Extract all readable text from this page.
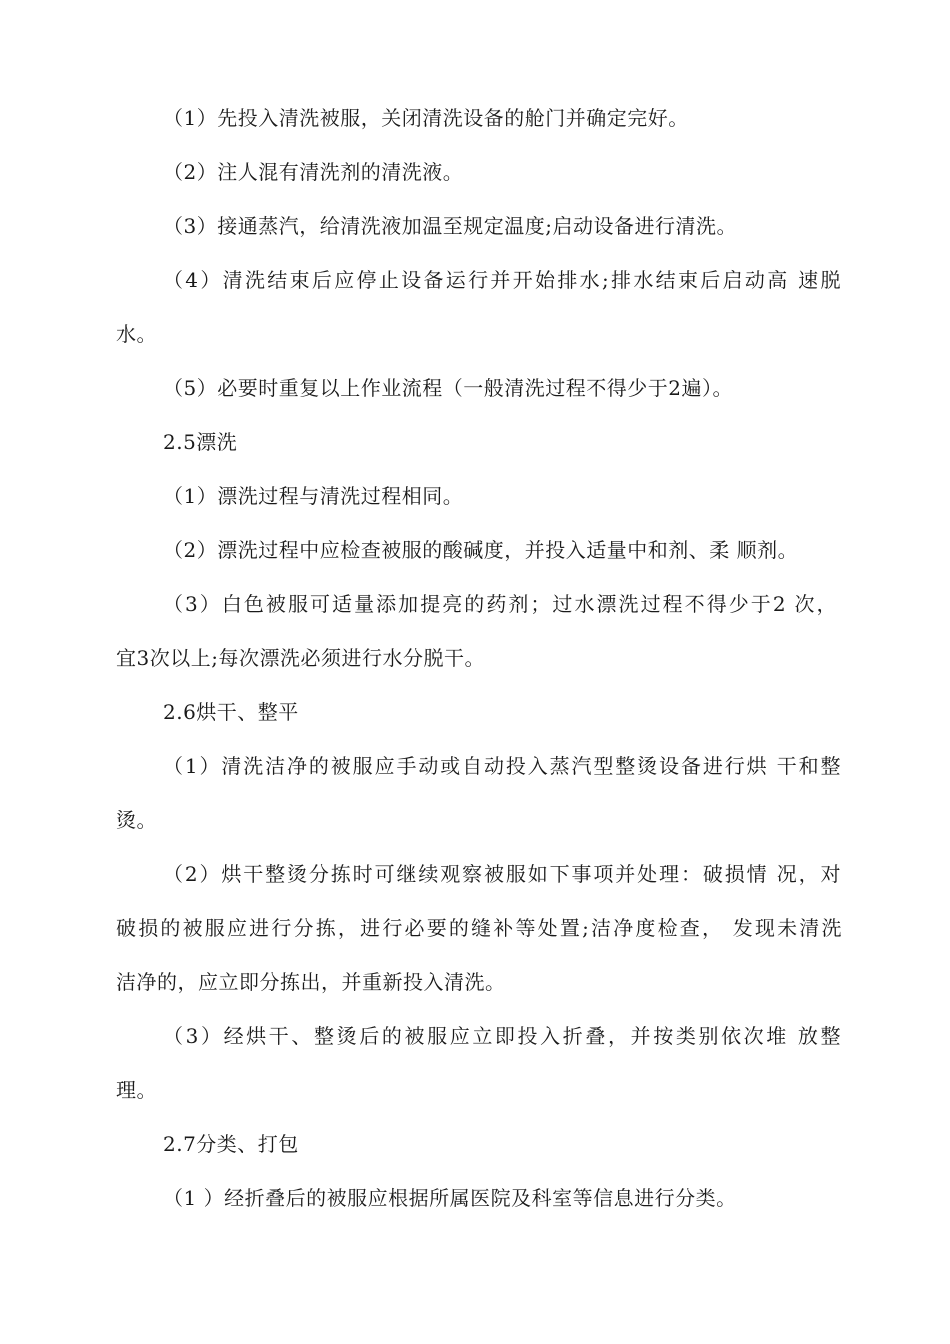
（1）先投入清洗被服，关闭清洗设备的舱门并确定完好。
（2）注人混有清洗剂的清洗液。
（3）接通蒸汽，给清洗液加温至规定温度;启动设备进行清洗。
（4）清洗结束后应停止设备运行并开始排水;排水结束后启动高 速脱
水。
（5）必要时重复以上作业流程（一般清洗过程不得少于2遍）。
2.5漂洗
（1）漂洗过程与清洗过程相同。
（2）漂洗过程中应检查被服的酸碱度，并投入适量中和剂、柔 顺剂。
（3）白色被服可适量添加提亮的药剂；过水漂洗过程不得少于2 次，
宜3次以上;每次漂洗必须进行水分脱干。
2.6烘干、整平
（1）清洗洁净的被服应手动或自动投入蒸汽型整烫设备进行烘 干和整
烫。
（2）烘干整烫分拣时可继续观察被服如下事项并处理：破损情 况，对
破损的被服应进行分拣，进行必要的缝补等处置;洁净度检查， 发现未清洗
洁净的，应立即分拣出，并重新投入清洗。
（3）经烘干、整烫后的被服应立即投入折叠，并按类别依次堆 放整
理。
2.7分类、打包
（1 ）经折叠后的被服应根据所属医院及科室等信息进行分类。
